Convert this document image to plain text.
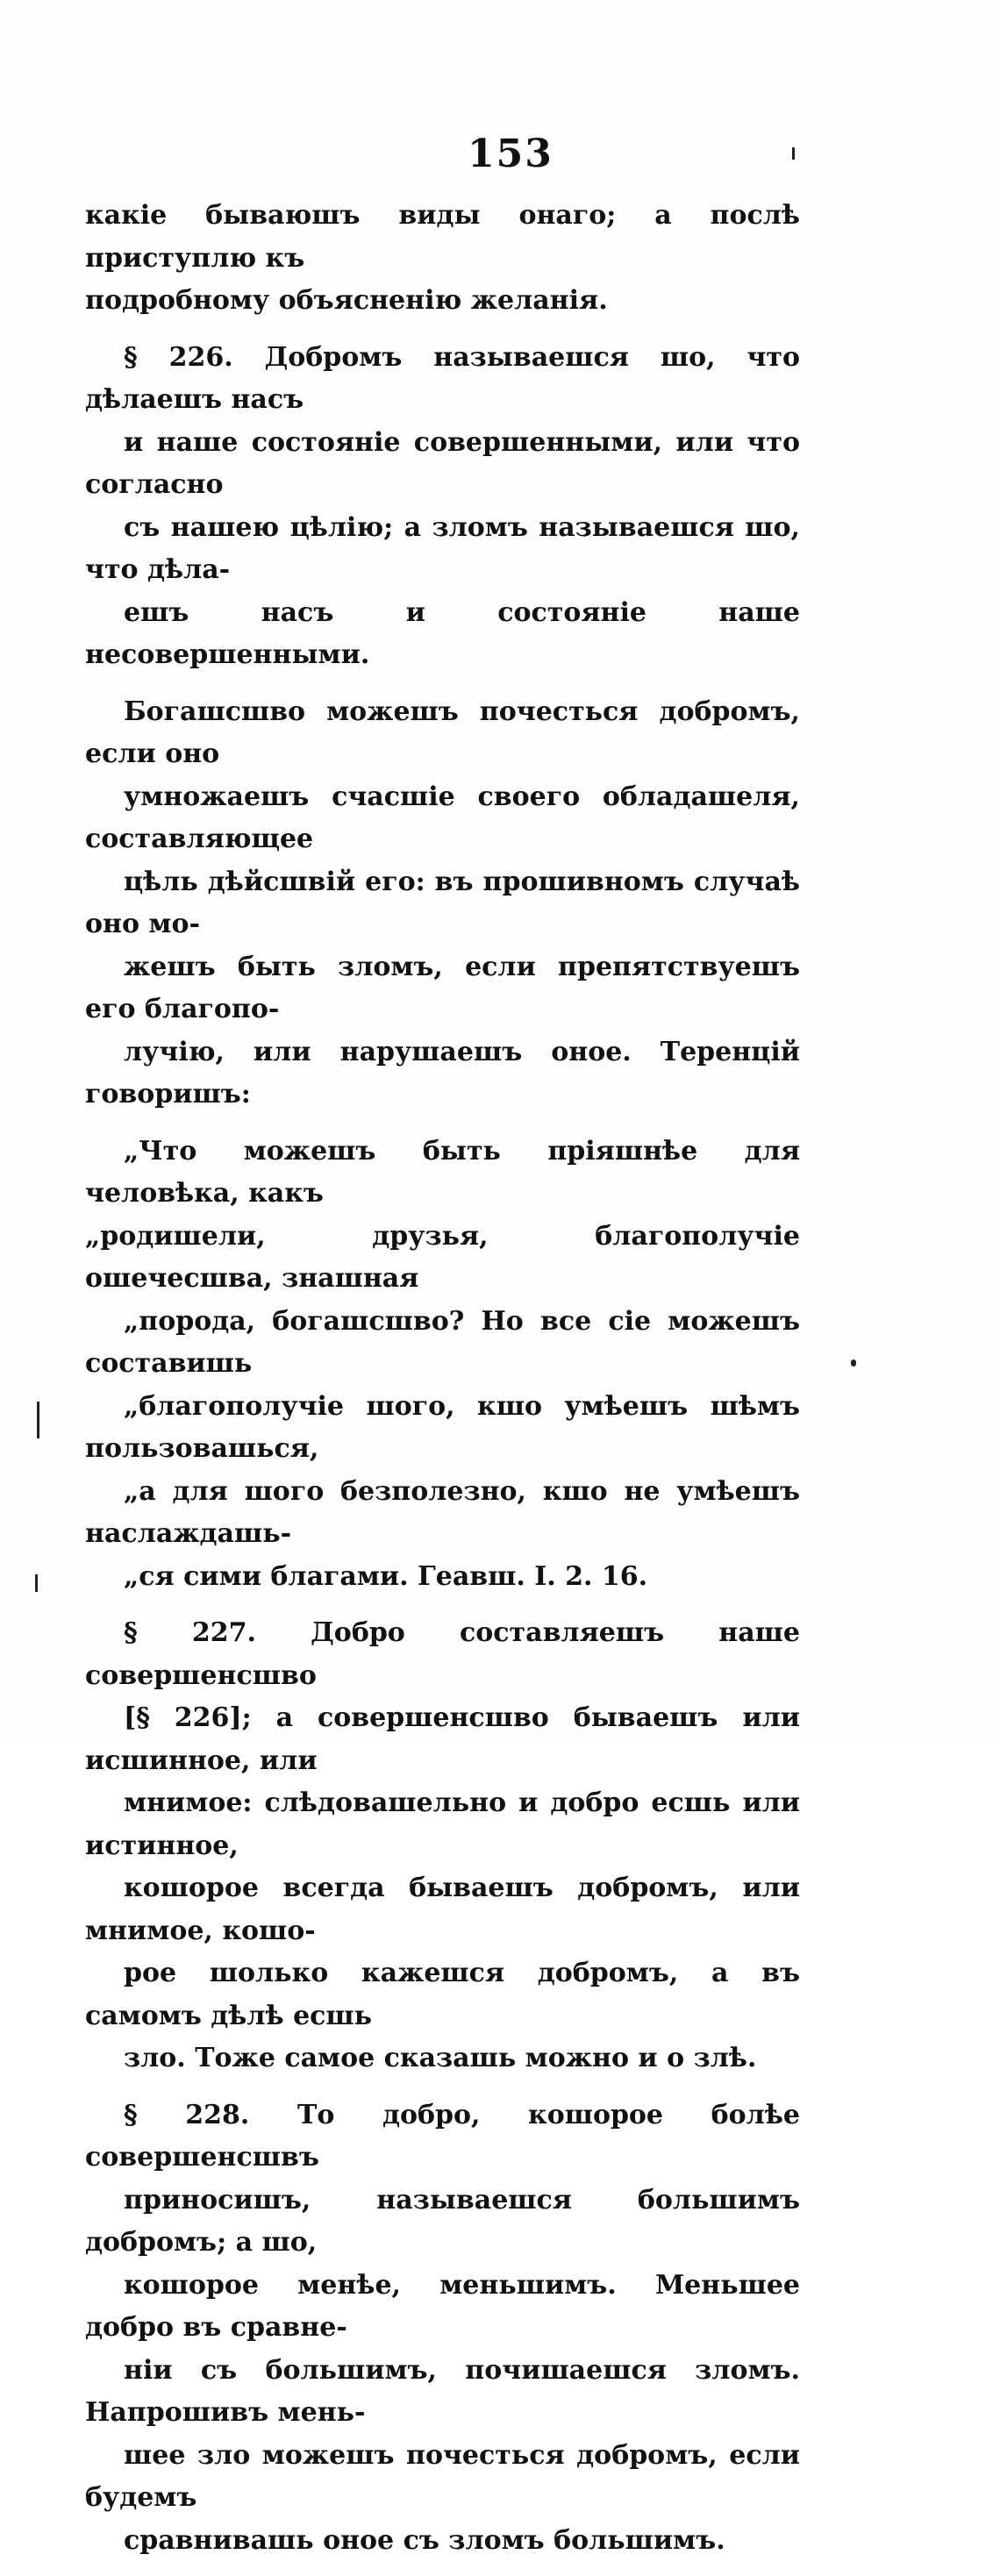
153

какіе бываюшъ виды онаго; а послѣ приступлю къ
подробному объясненію желанія.

§ 226. Добромъ называешся шо, что дѣлаешъ насъ
и наше состояніе совершенными, или что согласно
съ нашею цѣлію; а зломъ называешся шо, что дѣла-
ешъ насъ и состояніе наше несовершенными.

Богашсшво можешъ почесться добромъ, если оно
умножаешъ счасшіе своего обладашеля, составляющее
цѣль дѣйсшвій его: въ прошивномъ случаѣ оно мо-
жешъ быть зломъ, если препятствуешъ его благопо-
лучію, или нарушаешъ оное. Теренцій говоришъ:

„Что можешъ быть пріяшнѣе для человѣка, какъ
„родишели, друзья, благополучіе ошечесшва, знашная
„порода, богашсшво? Но все сіе можешъ составишь
„благополучіе шого, кшо умѣешъ шѣмъ пользовашься,
„а для шого безполезно, кшо не умѣешъ наслаждашь-
„ся сими благами. Геавш. I. 2. 16.

§ 227. Добро составляешъ наше совершенсшво
[§ 226]; а совершенсшво бываешъ или исшинное, или
мнимое: слѣдовашельно и добро есшь или истинное,
кошорое всегда бываешъ добромъ, или мнимое, кошо-
рое шолько кажешся добромъ, а въ самомъ дѣлѣ есшь
зло. Тоже самое сказашь можно и о злѣ.

§ 228. То добро, кошорое болѣе совершенсшвъ
приносишъ, называешся большимъ добромъ; а шо,
кошорое менѣе, меньшимъ. Меньшее добро въ сравне-
ніи съ большимъ, почишаешся зломъ. Напрошивъ мень-
шее зло можешъ почесться добромъ, если будемъ
сравнивашь оное съ зломъ большимъ.
